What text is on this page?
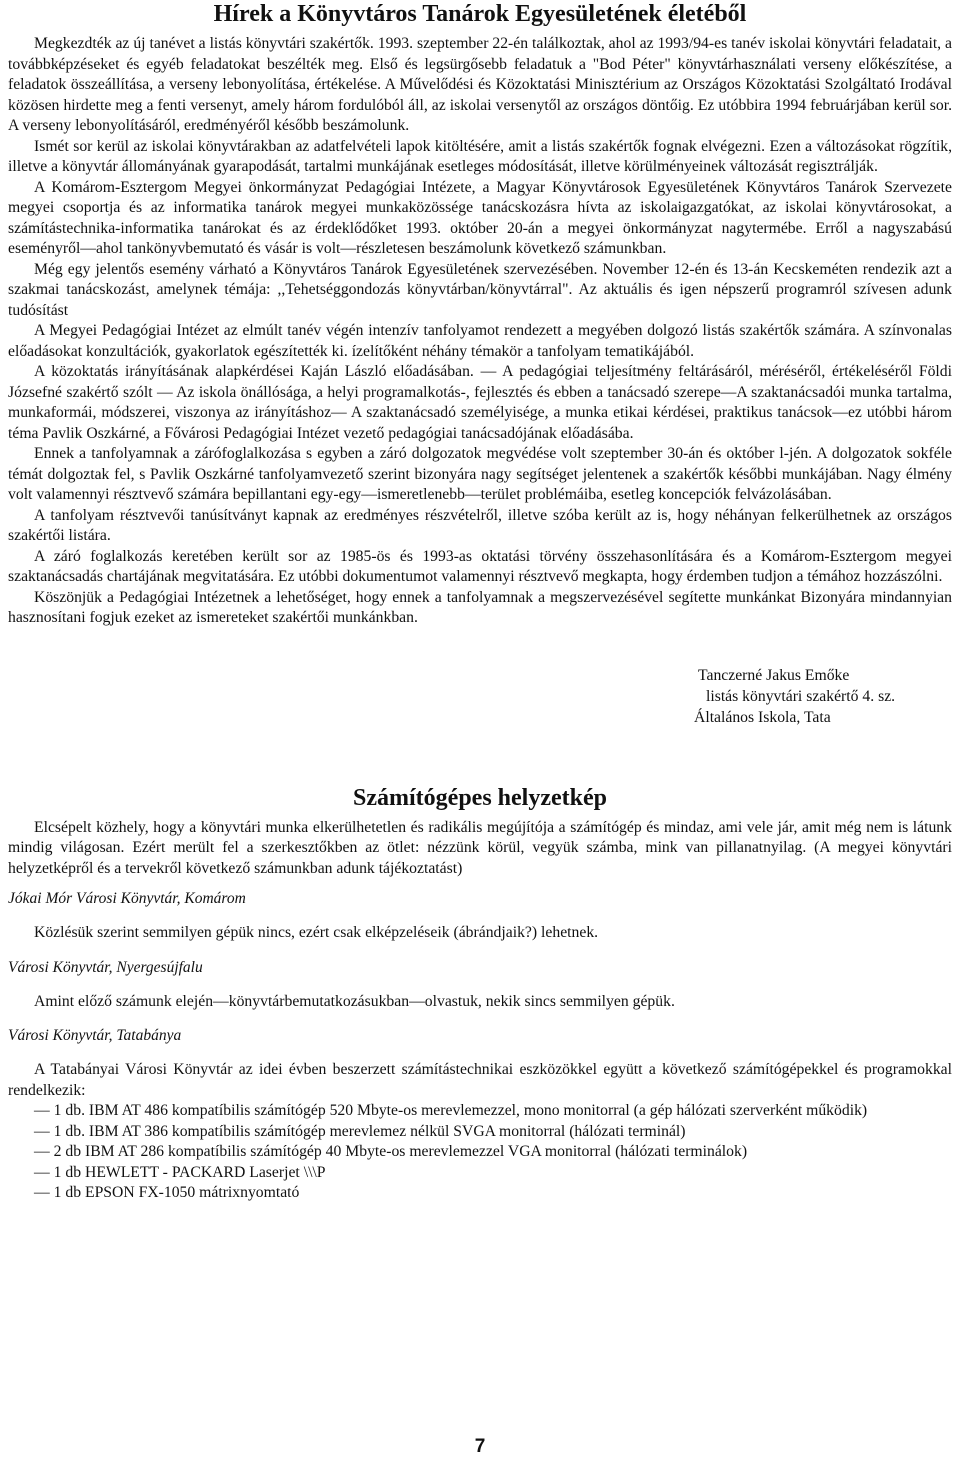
Hírek a Könyvtáros Tanárok Egyesületének életéből

Megkezdték az új tanévet a listás könyvtári szakértők. 1993. szeptember 22-én találkoztak, ahol az 1993/94-es tanév iskolai könyvtári feladatait, a továbbképzéseket és egyéb feladatokat beszélték meg. Első és legsürgősebb feladatuk a "Bod Péter" könyvtárhasználati verseny előkészítése, a feladatok összeállítása, a verseny lebonyolítása, értékelése. A Művelődési és Közoktatási Minisztérium az Országos Közoktatási Szolgáltató Irodával közösen hirdette meg a fenti versenyt, amely három fordulóból áll, az iskolai versenytől az országos döntőig. Ez utóbbira 1994 februárjában kerül sor. A verseny lebonyolításáról, eredményéről később beszámolunk.

Ismét sor kerül az iskolai könyvtárakban az adatfelvételi lapok kitöltésére, amit a listás szakértők fognak elvégezni. Ezen a változásokat rögzítik, illetve a könyvtár állományának gyarapodását, tartalmi munkájának esetleges módosítását, illetve körülményeinek változását regisztrálják.

A Komárom-Esztergom Megyei önkormányzat Pedagógiai Intézete, a Magyar Könyvtárosok Egyesületének Könyvtáros Tanárok Szervezete megyei csoportja és az informatika tanárok megyei munkaközössége tanácskozásra hívta az iskolaigazgatókat, az iskolai könyvtárosokat, a számítástechnika-informatika tanárokat és az érdeklődőket 1993. október 20-án a megyei önkormányzat nagytermébe. Erről a nagyszabású eseményről—ahol tankönyvbemutató és vásár is volt—részletesen beszámolunk következő számunkban.

Még egy jelentős esemény várható a Könyvtáros Tanárok Egyesületének szervezésében. November 12-én és 13-án Kecskeméten rendezik azt a szakmai tanácskozást, amelynek témája: ,,Tehetséggondozás könyvtárban/könyvtárral". Az aktuális és igen népszerű programról szívesen adunk tudósítást

A Megyei Pedagógiai Intézet az elmúlt tanév végén intenzív tanfolyamot rendezett a megyében dolgozó listás szakértők számára. A színvonalas előadásokat konzultációk, gyakorlatok egészítették ki. ízelítőként néhány témakör a tanfolyam tematikájából.

A közoktatás irányításának alapkérdései Kaján László előadásában. — A pedagógiai teljesítmény feltárásáról, méréséről, értékeléséről Földi Józsefné szakértő szólt — Az iskola önállósága, a helyi programalkotás-, fejlesztés és ebben a tanácsadó szerepe—A szaktanácsadói munka tartalma, munkaformái, módszerei, viszonya az irányításhoz— A szaktanácsadó személyisége, a munka etikai kérdései, praktikus tanácsok—ez utóbbi három téma Pavlik Oszkárné, a Fővárosi Pedagógiai Intézet vezető pedagógiai tanácsadójának előadásába.

Ennek a tanfolyamnak a zárófoglalkozása s egyben a záró dolgozatok megvédése volt szeptember 30-án és október l-jén. A dolgozatok sokféle témát dolgoztak fel, s Pavlik Oszkárné tanfolyamvezető szerint bizonyára nagy segítséget jelentenek a szakértők későbbi munkájában. Nagy élmény volt valamennyi résztvevő számára bepillantani egy-egy—ismeretlenebb—terület problémáiba, esetleg koncepciók felvázolásában.

A tanfolyam résztvevői tanúsítványt kapnak az eredményes részvételről, illetve szóba került az is, hogy néhányan felkerülhetnek az országos szakértői listára.

A záró foglalkozás keretében került sor az 1985-ös és 1993-as oktatási törvény összehasonlítására és a Komárom-Esztergom megyei szaktanácsadás chartájának megvitatására. Ez utóbbi dokumentumot valamennyi résztvevő megkapta, hogy érdemben tudjon a témához hozzászólni.

Köszönjük a Pedagógiai Intézetnek a lehetőséget, hogy ennek a tanfolyamnak a megszervezésével segítette munkánkat Bizonyára mindannyian hasznosítani fogjuk ezeket az ismereteket szakértői munkánkban.

Tanczerné Jakus Emőke
listás könyvtári szakértő 4. sz.
Általános Iskola, Tata
Számítógépes helyzetkép

Elcsépelt közhely, hogy a könyvtári munka elkerülhetetlen és radikális megújítója a számítógép és mindaz, ami vele jár, amit még nem is látunk mindig világosan. Ezért merült fel a szerkesztőkben az ötlet: nézzünk körül, vegyük számba, mink van pillanatnyilag. (A megyei könyvtári helyzetképről és a tervekről következő számunkban adunk tájékoztatást)

Jókai Mór Városi Könyvtár, Komárom

Közlésük szerint semmilyen gépük nincs, ezért csak elképzeléseik (ábrándjaik?) lehetnek.

Városi Könyvtár, Nyergesújfalu

Amint előző számunk elején—könyvtárbemutatkozásukban—olvastuk, nekik sincs semmilyen gépük.

Városi Könyvtár, Tatabánya

A Tatabányai Városi Könyvtár az idei évben beszerzett számítástechnikai eszközökkel együtt a következő számítógépekkel és programokkal rendelkezik:

— 1 db. IBM AT 486 kompatíbilis számítógép 520 Mbyte-os merevlemezzel, mono monitorral (a gép hálózati szerverként működik)
— 1 db. IBM AT 386 kompatíbilis számítógép merevlemez nélkül SVGA monitorral (hálózati terminál)
— 2 db IBM AT 286 kompatíbilis számítógép 40 Mbyte-os merevlemezzel VGA monitorral (hálózati terminálok)
— 1 db HEWLETT - PACKARD Laserjet \\\P
— 1 db EPSON FX-1050 mátrixnyomtató
7
